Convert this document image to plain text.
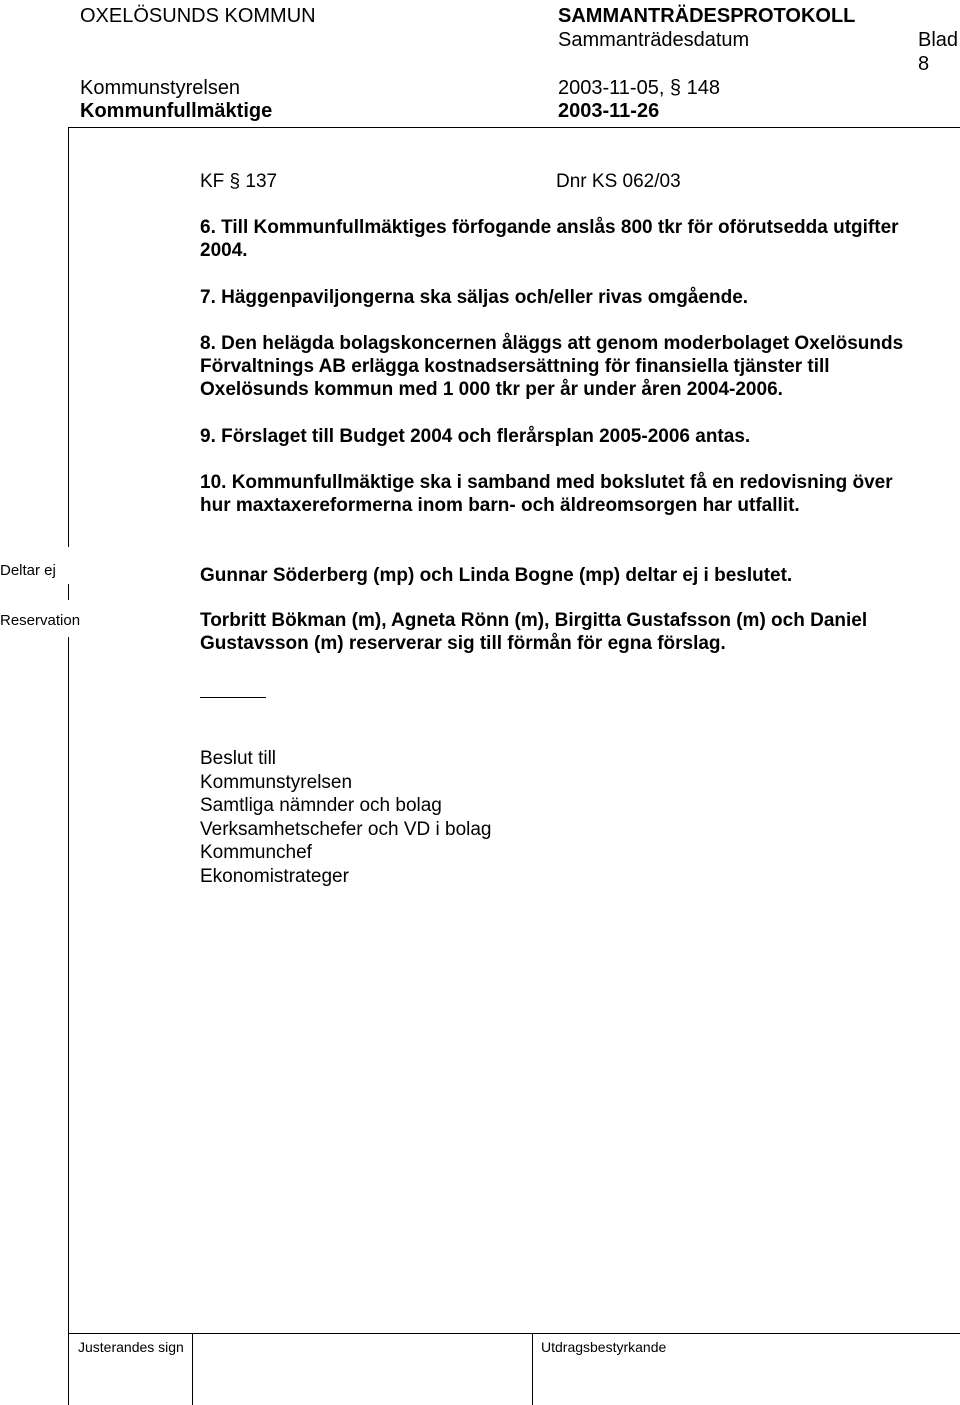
OXELÖSUNDS KOMMUN	SAMMANTRÄDESPROTOKOLL
Sammanträdesdatum	Blad
8
Kommunstyrelsen	2003-11-05, § 148
Kommunfullmäktige	2003-11-26
KF § 137	Dnr KS 062/03
6. Till Kommunfullmäktiges förfogande anslås 800 tkr för oförutsedda utgifter
2004.
7. Häggenpaviljongerna ska säljas och/eller rivas omgående.
8. Den helägda bolagskoncernen åläggs att genom moderbolaget Oxelösunds
Förvaltnings AB erlägga kostnadsersättning för finansiella tjänster till
Oxelösunds kommun med 1 000 tkr per år under åren 2004-2006.
9. Förslaget till Budget 2004 och flerårsplan 2005-2006 antas.
10. Kommunfullmäktige ska i samband med bokslutet få en redovisning över
hur maxtaxereformerna inom barn- och äldreomsorgen har utfallit.
Deltar ej	Gunnar Söderberg (mp) och Linda Bogne (mp) deltar ej i beslutet.
Reservation	Torbritt Bökman (m), Agneta Rönn (m), Birgitta Gustafsson (m) och Daniel
Gustavsson (m) reserverar sig till förmån för egna förslag.
Beslut till
Kommunstyrelsen
Samtliga nämnder och bolag
Verksamhetschefer och VD i bolag
Kommunchef
Ekonomistrateger
Justerandes sign	Utdragsbestyrkande
